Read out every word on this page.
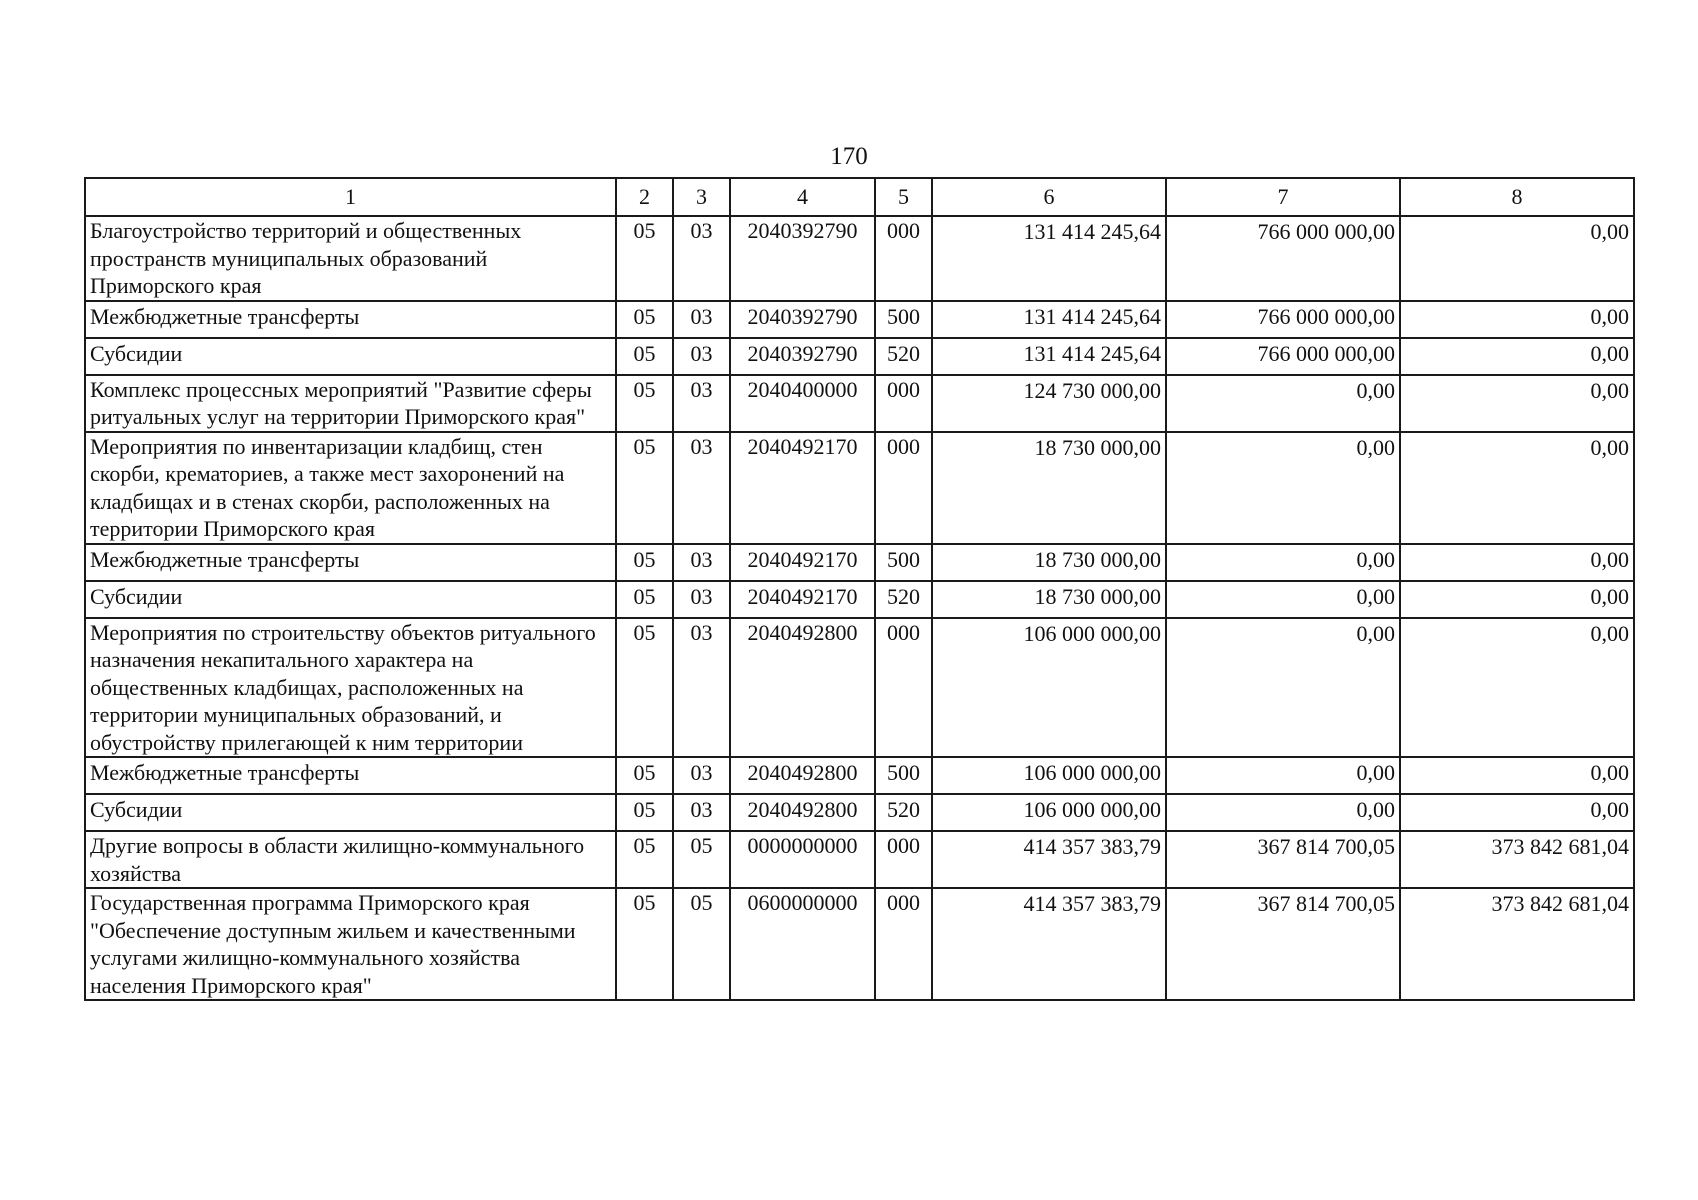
170
1	2	3	4	5	6	7	8
Благоустройство территорий и общественных пространств муниципальных образований Приморского края	05	03	2040392790	000	131 414 245,64	766 000 000,00	0,00
Межбюджетные трансферты	05	03	2040392790	500	131 414 245,64	766 000 000,00	0,00
Субсидии	05	03	2040392790	520	131 414 245,64	766 000 000,00	0,00
Комплекс процессных мероприятий "Развитие сферы ритуальных услуг на территории Приморского края"	05	03	2040400000	000	124 730 000,00	0,00	0,00
Мероприятия по инвентаризации кладбищ, стен скорби, крематориев, а также мест захоронений на кладбищах и в стенах скорби, расположенных на территории Приморского края	05	03	2040492170	000	18 730 000,00	0,00	0,00
Межбюджетные трансферты	05	03	2040492170	500	18 730 000,00	0,00	0,00
Субсидии	05	03	2040492170	520	18 730 000,00	0,00	0,00
Мероприятия по строительству объектов ритуального назначения некапитального характера на общественных кладбищах, расположенных на территории муниципальных образований, и обустройству прилегающей к ним территории	05	03	2040492800	000	106 000 000,00	0,00	0,00
Межбюджетные трансферты	05	03	2040492800	500	106 000 000,00	0,00	0,00
Субсидии	05	03	2040492800	520	106 000 000,00	0,00	0,00
Другие вопросы в области жилищно-коммунального хозяйства	05	05	0000000000	000	414 357 383,79	367 814 700,05	373 842 681,04
Государственная программа Приморского края "Обеспечение доступным жильем и качественными услугами жилищно-коммунального хозяйства населения Приморского края"	05	05	0600000000	000	414 357 383,79	367 814 700,05	373 842 681,04
